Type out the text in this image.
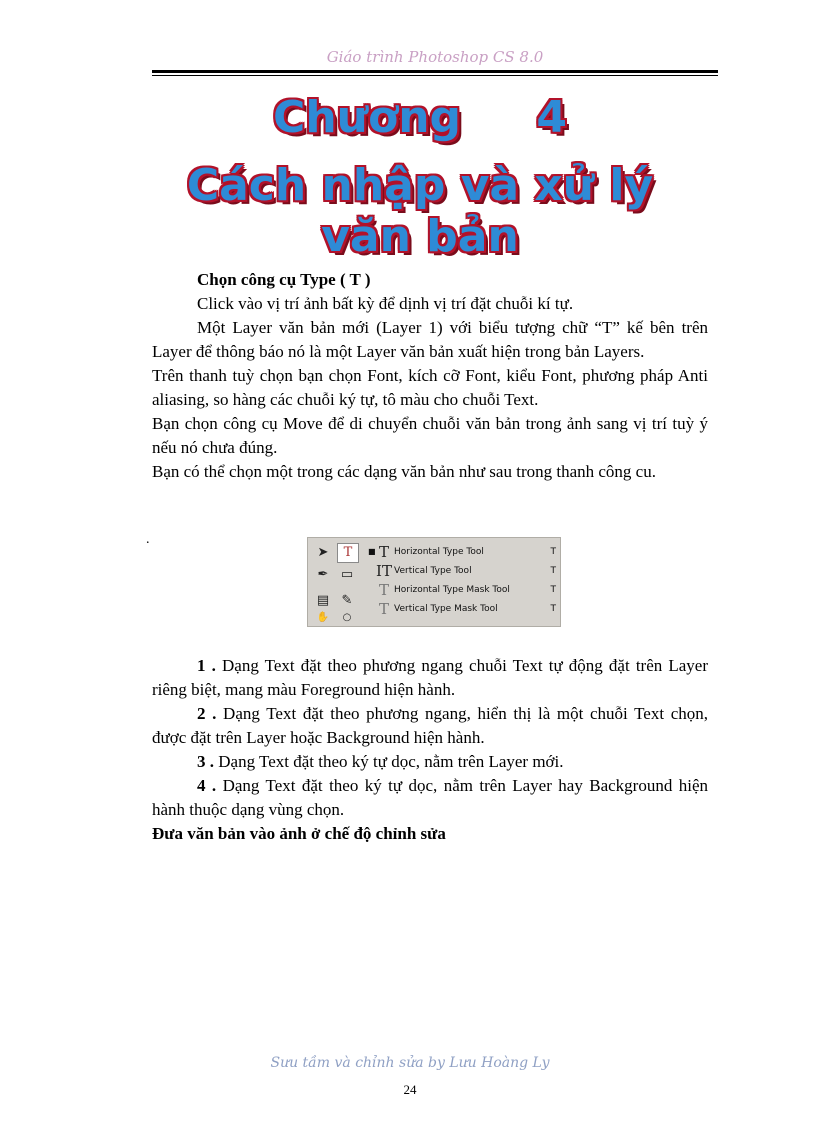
Giáo trình Photoshop CS 8.0
Chương 4
Cách nhập và xử lý văn bản

Chọn công cụ Type ( T )

Click vào vị trí ảnh bất kỳ để dịnh vị trí đặt chuỗi kí tự.

Một Layer văn bản mới (Layer 1) với biểu tượng chữ “T” kế bên trên Layer để thông báo nó là một Layer văn bản xuất hiện trong bản Layers.

Trên thanh tuỳ chọn bạn chọn Font, kích cỡ Font, kiểu Font, phương pháp Anti aliasing, so hàng các chuỗi ký tự, tô màu cho chuỗi Text.

Bạn chọn công cụ Move để di chuyển chuỗi văn bản trong ảnh sang vị trí tuỳ ý nếu nó chưa đúng.

Bạn có thể chọn một trong các dạng văn bản như sau trong thanh công cu.

.
➤	T
✒ ▭
▤ ✎
✋	○
■ T Horizontal Type Tool	T
ⅠT Vertical Type Tool	T
T Horizontal Type Mask Tool	T
T Vertical Type Mask Tool	T

1 . Dạng Text đặt theo phương ngang chuỗi Text tự động đặt trên Layer riêng biệt, mang màu Foreground hiện hành.

2 . Dạng Text đặt theo phương ngang, hiển thị là một chuỗi Text chọn, được đặt trên Layer hoặc Background hiện hành.

3 . Dạng Text đặt theo ký tự dọc, nằm trên Layer mới.

4 . Dạng Text đặt theo ký tự dọc, nằm trên Layer hay Background hiện hành thuộc dạng vùng chọn.

Đưa văn bản vào ảnh ở chế độ chỉnh sửa

Sưu tầm và chỉnh sửa by Lưu Hoàng Ly
24
